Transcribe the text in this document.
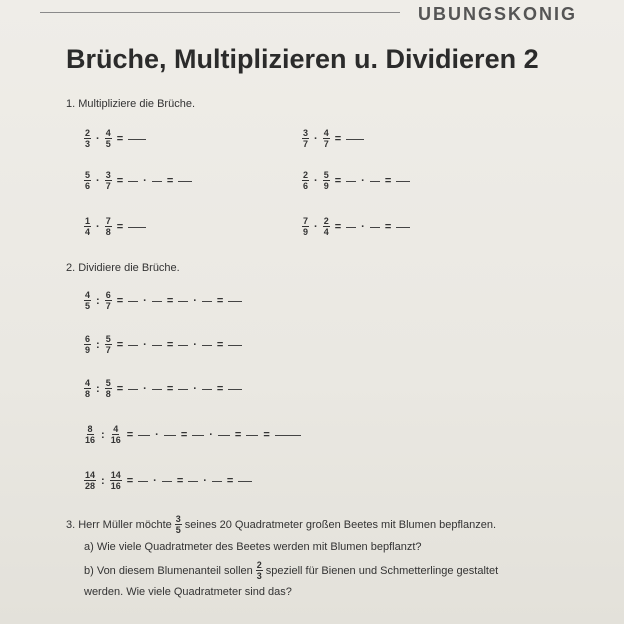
UBUNGSKONIG
Brüche, Multiplizieren u. Dividieren 2
1. Multipliziere die Brüche.
$\frac{2}{3} \cdot \frac{4}{5}$ =	$\frac{3}{7} \cdot \frac{4}{7}$ =
$\frac{5}{6} \cdot \frac{3}{7}$ = · =	$\frac{2}{6} \cdot \frac{5}{9}$ = · =
$\frac{1}{4} \cdot \frac{7}{8}$ =	$\frac{7}{9} \cdot \frac{2}{4}$ = · =
2. Dividiere die Brüche.
$\frac{4}{5}$ : $\frac{6}{7}$ = · = · =
$\frac{6}{9}$ : $\frac{5}{7}$ = · = · =
$\frac{4}{8}$ : $\frac{5}{8}$ = · = · =
$\frac{8}{16}$ : $\frac{4}{16}$ = · = · = =
$\frac{14}{28}$ : $\frac{14}{16}$ = · = · =
3. Herr Müller möchte $\frac{3}{5}$ seines 20 Quadratmeter großen Beetes mit Blumen bepflanzen.
a) Wie viele Quadratmeter des Beetes werden mit Blumen bepflanzt?
b) Von diesem Blumenanteil sollen $\frac{2}{3}$ speziell für Bienen und Schmetterlinge gestaltet
werden. Wie viele Quadratmeter sind das?
